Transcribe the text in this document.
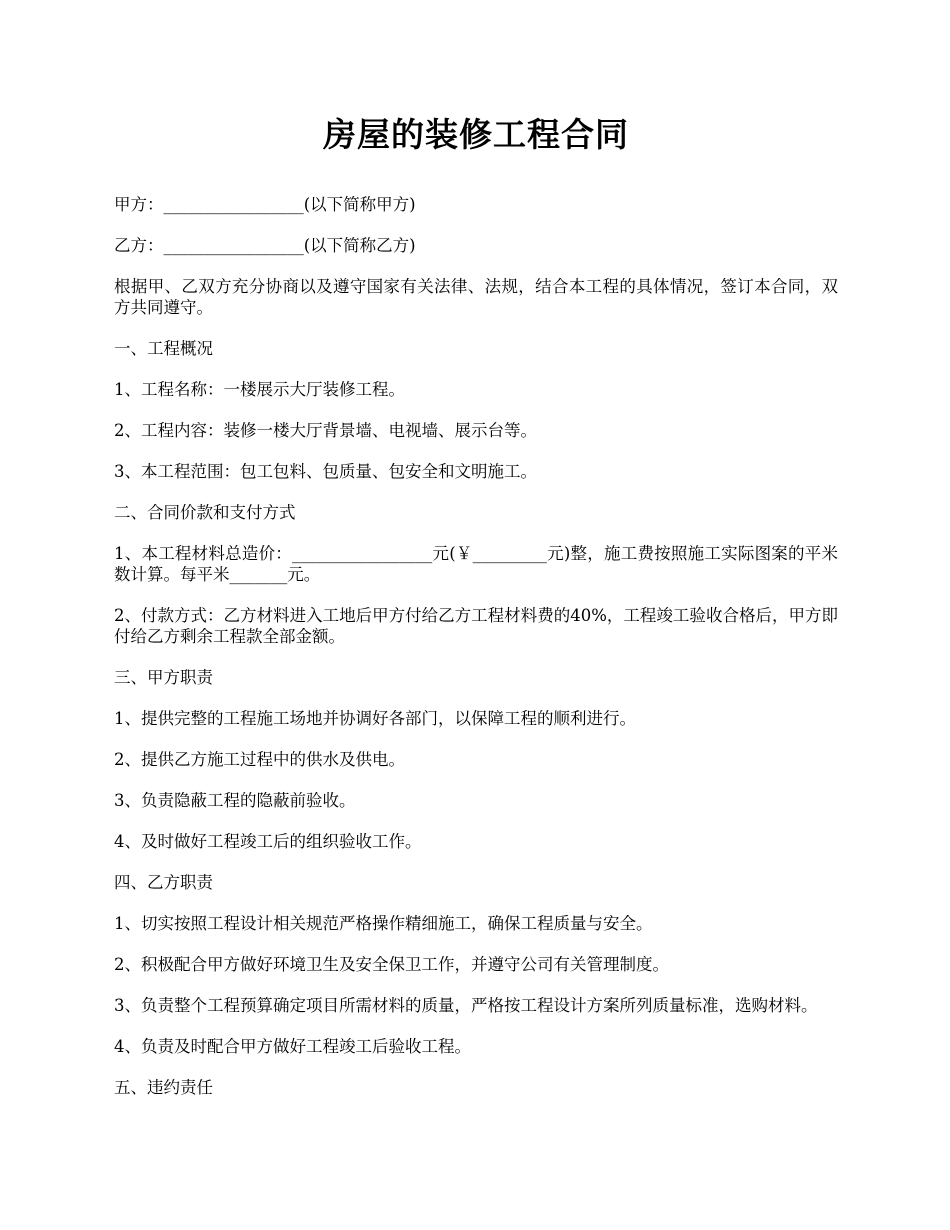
房屋的装修工程合同

甲方：_________________(以下简称甲方)

乙方：_________________(以下简称乙方)

根据甲、乙双方充分协商以及遵守国家有关法律、法规，结合本工程的具体情况，签订本合同，双方共同遵守。

一、工程概况

1、工程名称：一楼展示大厅装修工程。

2、工程内容：装修一楼大厅背景墙、电视墙、展示台等。

3、本工程范围：包工包料、包质量、包安全和文明施工。

二、合同价款和支付方式

1、本工程材料总造价：_________________元(￥_________元)整，施工费按照施工实际图案的平米数计算。每平米_______元。

2、付款方式：乙方材料进入工地后甲方付给乙方工程材料费的40%，工程竣工验收合格后，甲方即付给乙方剩余工程款全部金额。

三、甲方职责

1、提供完整的工程施工场地并协调好各部门，以保障工程的顺利进行。

2、提供乙方施工过程中的供水及供电。

3、负责隐蔽工程的隐蔽前验收。

4、及时做好工程竣工后的组织验收工作。

四、乙方职责

1、切实按照工程设计相关规范严格操作精细施工，确保工程质量与安全。

2、积极配合甲方做好环境卫生及安全保卫工作，并遵守公司有关管理制度。

3、负责整个工程预算确定项目所需材料的质量，严格按工程设计方案所列质量标准，选购材料。

4、负责及时配合甲方做好工程竣工后验收工程。

五、违约责任
